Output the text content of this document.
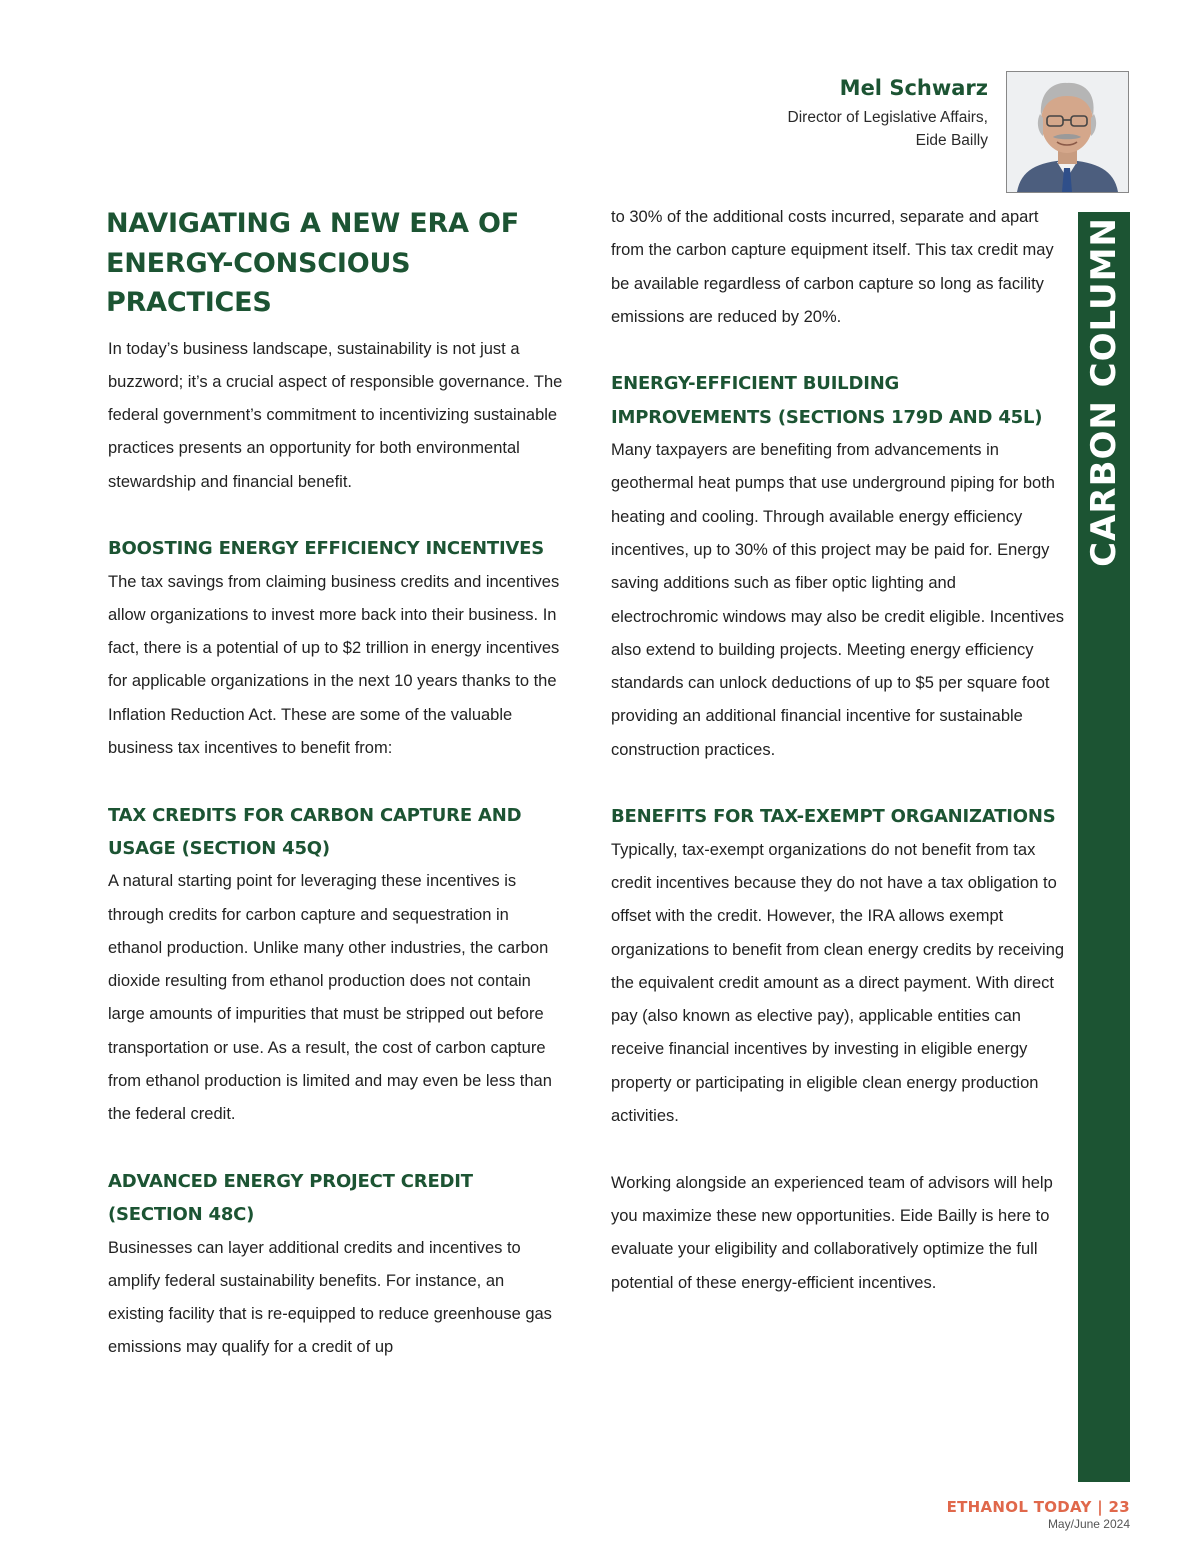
Mel Schwarz
Director of Legislative Affairs,
Eide Bailly
CARBON COLUMN
NAVIGATING A NEW ERA OF ENERGY-CONSCIOUS PRACTICES

In today’s business landscape, sustainability is not just a buzzword; it’s a crucial aspect of responsible governance. The federal government’s commitment to incentivizing sustainable practices presents an opportunity for both environmental stewardship and financial benefit.

BOOSTING ENERGY EFFICIENCY INCENTIVES

The tax savings from claiming business credits and incentives allow organizations to invest more back into their business. In fact, there is a potential of up to $2 trillion in energy incentives for applicable organizations in the next 10 years thanks to the Inflation Reduction Act. These are some of the valuable business tax incentives to benefit from:

TAX CREDITS FOR CARBON CAPTURE AND USAGE (SECTION 45Q)

A natural starting point for leveraging these incentives is through credits for carbon capture and sequestration in ethanol production. Unlike many other industries, the carbon dioxide resulting from ethanol production does not contain large amounts of impurities that must be stripped out before transportation or use. As a result, the cost of carbon capture from ethanol production is limited and may even be less than the federal credit.

ADVANCED ENERGY PROJECT CREDIT (SECTION 48C)

Businesses can layer additional credits and incentives to amplify federal sustainability benefits. For instance, an existing facility that is re-equipped to reduce greenhouse gas emissions may qualify for a credit of up

to 30% of the additional costs incurred, separate and apart from the carbon capture equipment itself. This tax credit may be available regardless of carbon capture so long as facility emissions are reduced by 20%.

ENERGY-EFFICIENT BUILDING IMPROVEMENTS (SECTIONS 179D AND 45L)

Many taxpayers are benefiting from advancements in geothermal heat pumps that use underground piping for both heating and cooling. Through available energy efficiency incentives, up to 30% of this project may be paid for. Energy saving additions such as fiber optic lighting and electrochromic windows may also be credit eligible. Incentives also extend to building projects. Meeting energy efficiency standards can unlock deductions of up to $5 per square foot providing an additional financial incentive for sustainable construction practices.

BENEFITS FOR TAX-EXEMPT ORGANIZATIONS

Typically, tax-exempt organizations do not benefit from tax credit incentives because they do not have a tax obligation to offset with the credit. However, the IRA allows exempt organizations to benefit from clean energy credits by receiving the equivalent credit amount as a direct payment. With direct pay (also known as elective pay), applicable entities can receive financial incentives by investing in eligible energy property or participating in eligible clean energy production activities.

Working alongside an experienced team of advisors will help you maximize these new opportunities. Eide Bailly is here to evaluate your eligibility and collaboratively optimize the full potential of these energy-efficient incentives.

ETHANOL TODAY | 23
May/June 2024
